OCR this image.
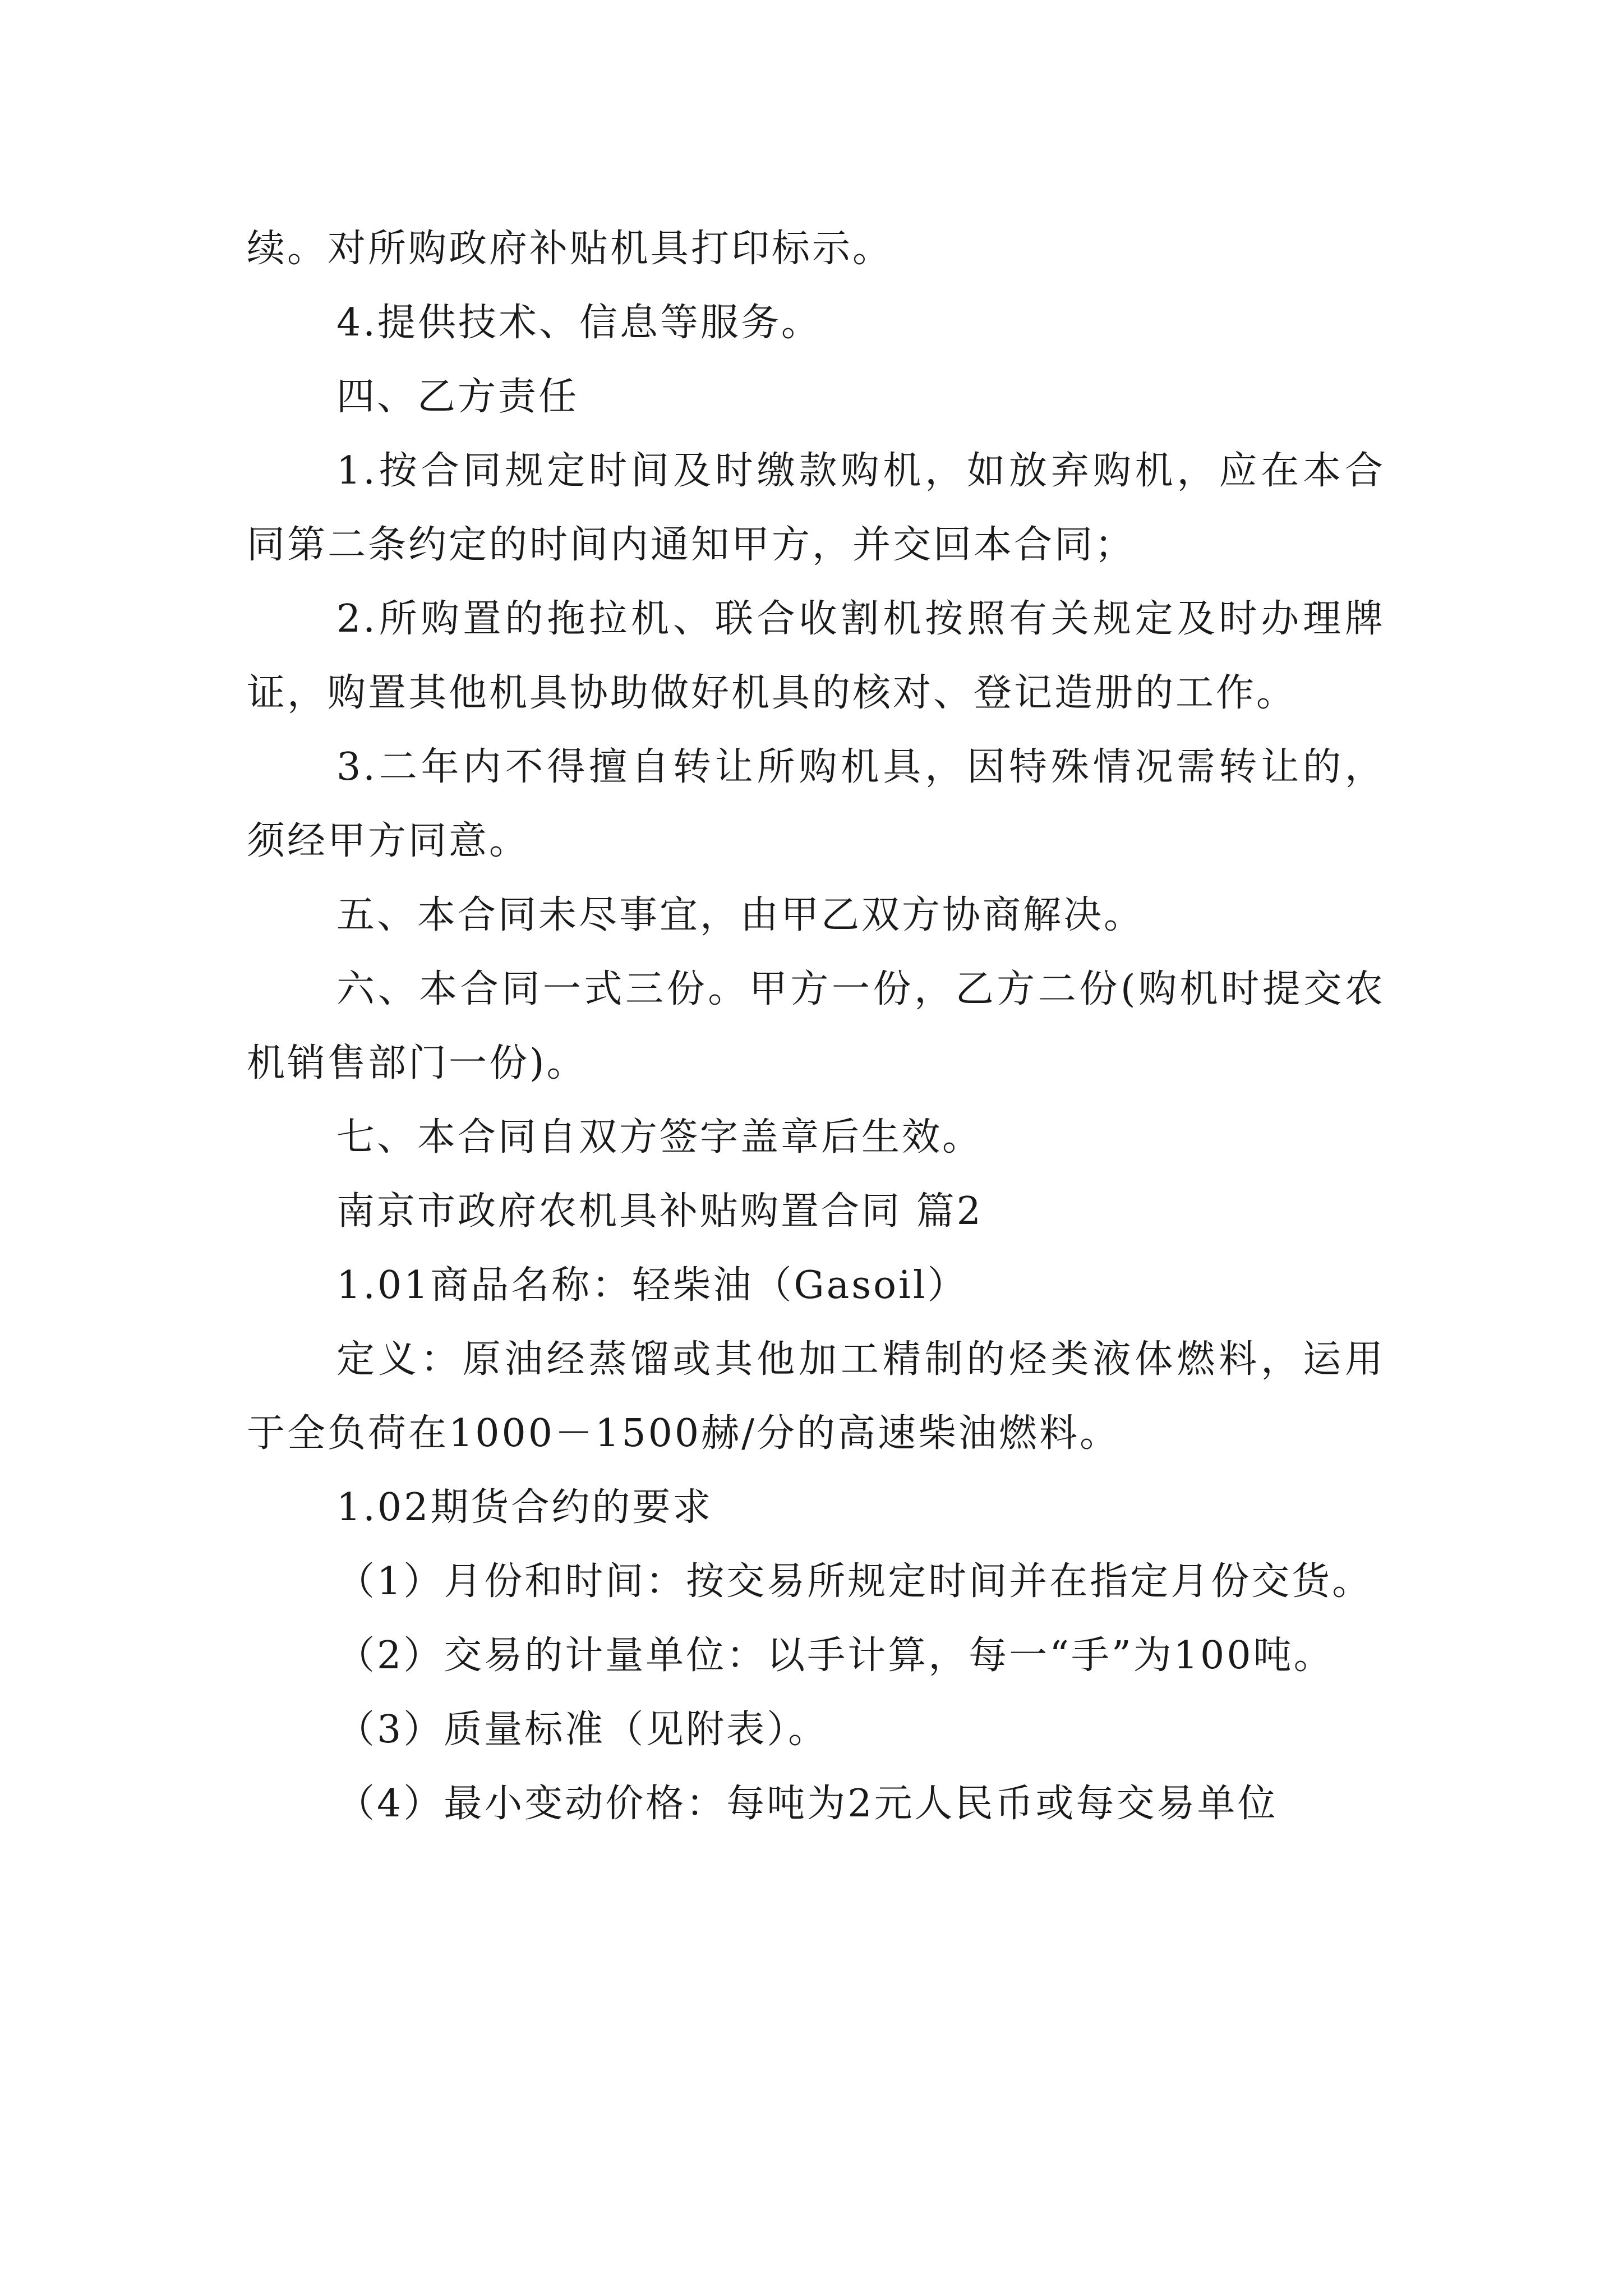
续。对所购政府补贴机具打印标示。

4.提供技术、信息等服务。

四、乙方责任

1.按合同规定时间及时缴款购机，如放弃购机，应在本合同第二条约定的时间内通知甲方，并交回本合同；

2.所购置的拖拉机、联合收割机按照有关规定及时办理牌证，购置其他机具协助做好机具的核对、登记造册的工作。

3.二年内不得擅自转让所购机具，因特殊情况需转让的，须经甲方同意。

五、本合同未尽事宜，由甲乙双方协商解决。

六、本合同一式三份。甲方一份，乙方二份(购机时提交农机销售部门一份)。

七、本合同自双方签字盖章后生效。

南京市政府农机具补贴购置合同 篇2

1.01商品名称：轻柴油（Gasoil）

定义：原油经蒸馏或其他加工精制的烃类液体燃料，运用于全负荷在1000－1500赫/分的高速柴油燃料。

1.02期货合约的要求

（1）月份和时间：按交易所规定时间并在指定月份交货。

（2）交易的计量单位：以手计算，每一“手”为100吨。

（3）质量标准（见附表）。

（4）最小变动价格：每吨为2元人民币或每交易单位
